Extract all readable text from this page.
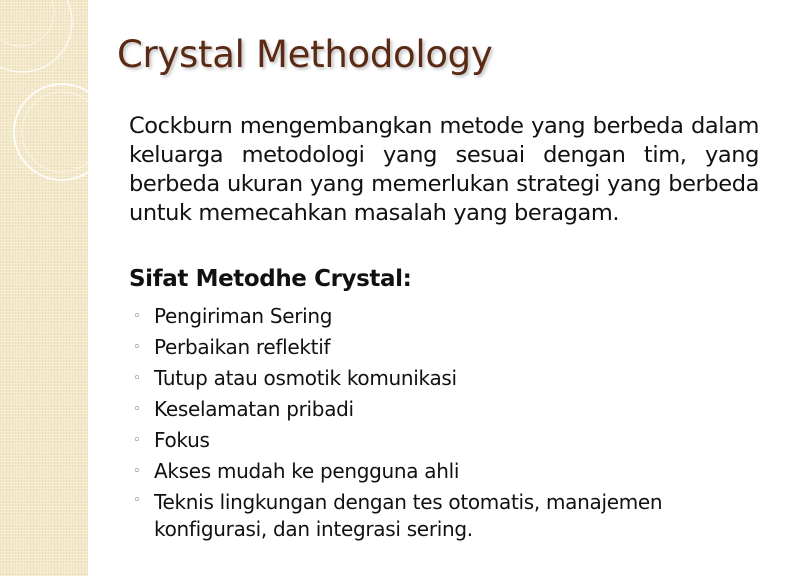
Crystal Methodology

Cockburn mengembangkan metode yang berbeda dalam keluarga metodologi yang sesuai dengan tim, yang berbeda ukuran yang memerlukan strategi yang berbeda untuk memecahkan masalah yang beragam.

Sifat Metodhe Crystal:

◦ Pengiriman Sering
◦ Perbaikan reflektif
◦ Tutup atau osmotik komunikasi
◦ Keselamatan pribadi
◦ Fokus
◦ Akses mudah ke pengguna ahli
◦ Teknis lingkungan dengan tes otomatis, manajemen konfigurasi, dan integrasi sering.
